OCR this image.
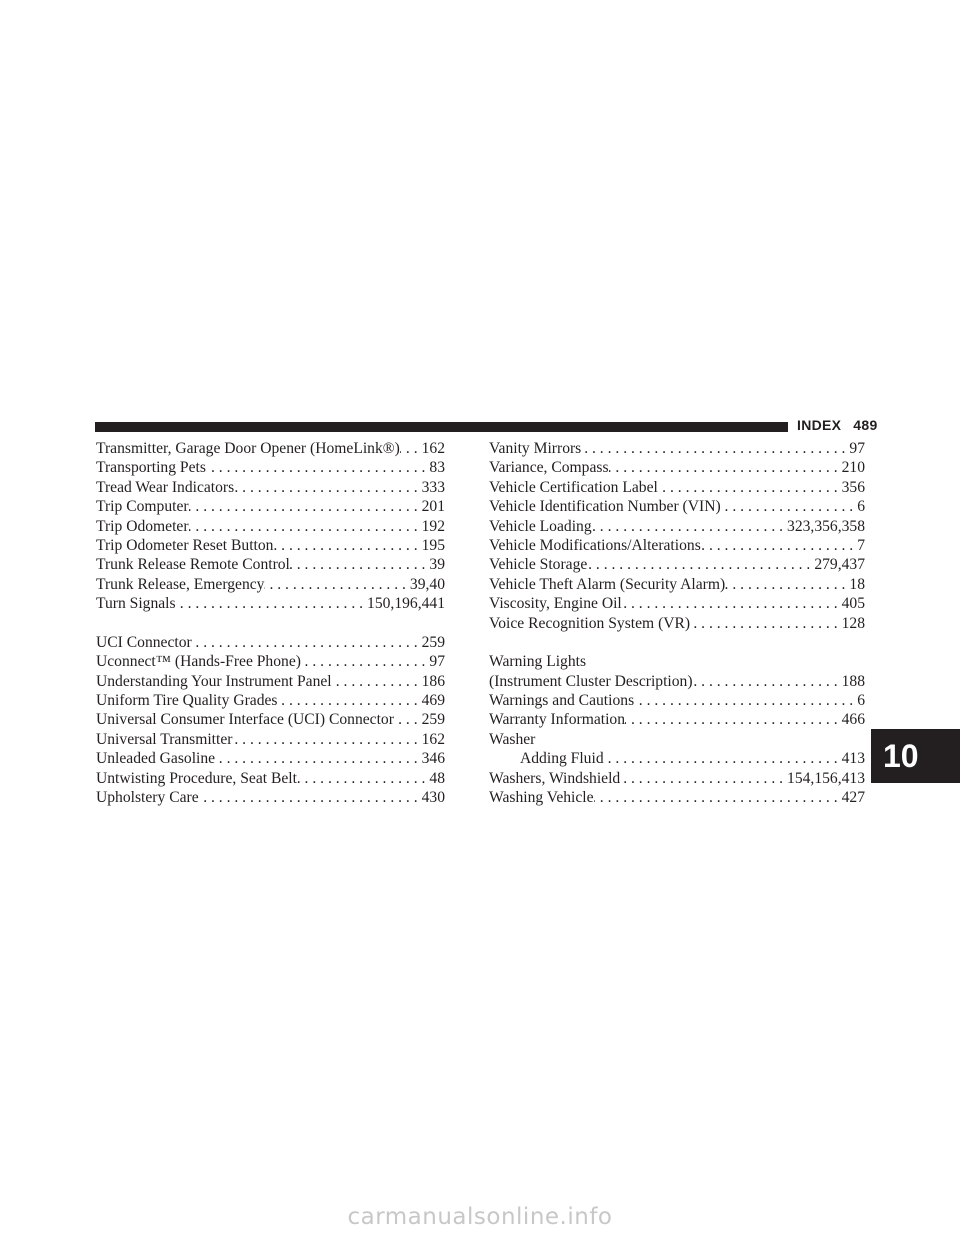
INDEX 489
Transmitter, Garage Door Opener (HomeLink®) . . . 162
Transporting Pets . . .	83
Tread Wear Indicators . . .	333
Trip Computer . . .	201
Trip Odometer . . .	192
Trip Odometer Reset Button . . .	195
Trunk Release Remote Control . . .	39
Trunk Release, Emergency . . .	39,40
Turn Signals . . .	150,196,441
UCI Connector . . .	259
Uconnect™ (Hands-Free Phone) . . .	97
Understanding Your Instrument Panel . . .	186
Uniform Tire Quality Grades . . .	469
Universal Consumer Interface (UCI) Connector . . . 259
Universal Transmitter . . .	162
Unleaded Gasoline . . .	346
Untwisting Procedure, Seat Belt . . .	48
Upholstery Care . . .	430
Vanity Mirrors . . .	97
Variance, Compass . . .	210
Vehicle Certification Label . . .	356
Vehicle Identification Number (VIN) . . .	6
Vehicle Loading . . .	323,356,358
Vehicle Modifications/Alterations . . .	7
Vehicle Storage . . .	279,437
Vehicle Theft Alarm (Security Alarm) . . .	18
Viscosity, Engine Oil . . .	405
Voice Recognition System (VR) . . .	128
Warning Lights
(Instrument Cluster Description) . . .	188
Warnings and Cautions . . .	6
Warranty Information . . .	466
Washer
Adding Fluid . . .	413
Washers, Windshield . . .	154,156,413
Washing Vehicle . . .	427
10
carmanualsonline.info
